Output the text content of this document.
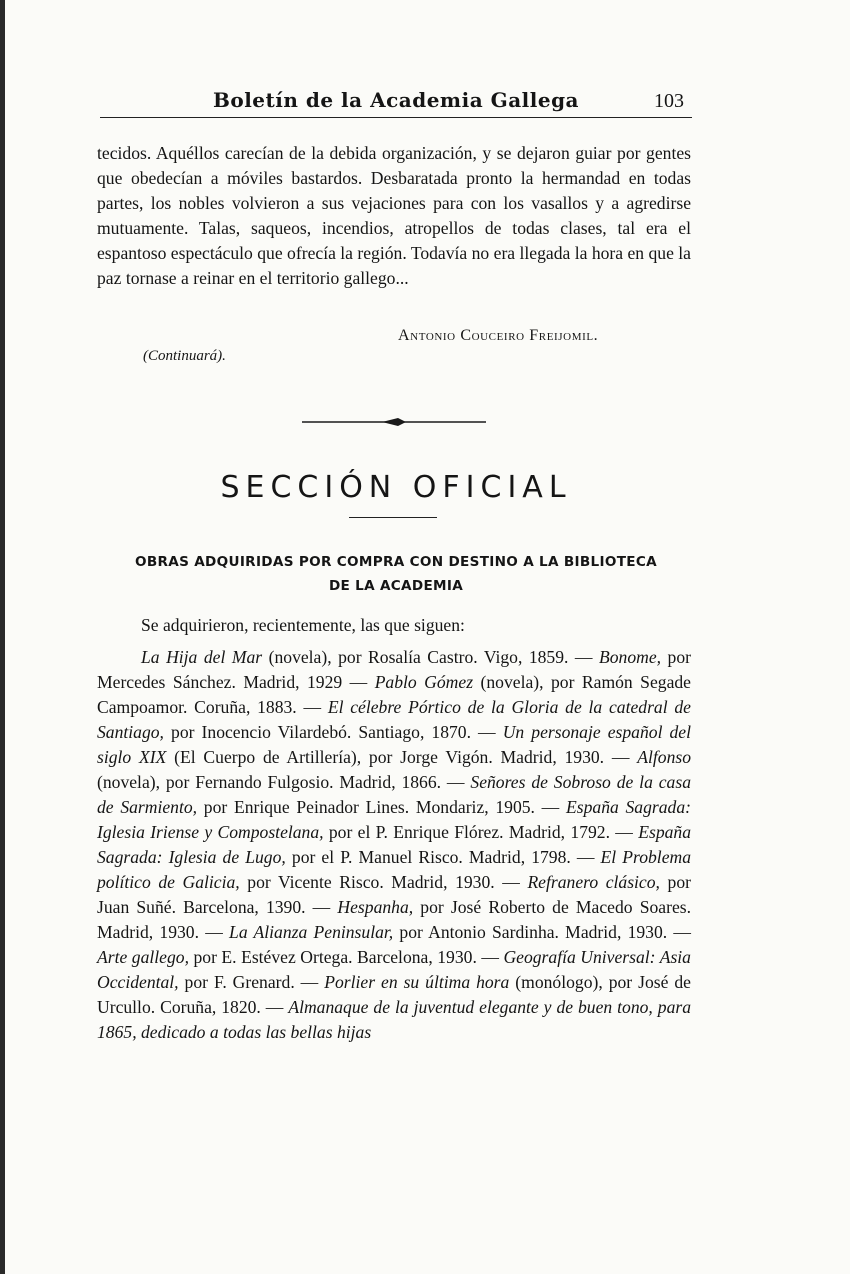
Boletín de la Academia Gallega	103

tecidos. Aquéllos carecían de la debida organización, y se dejaron guiar por gentes que obedecían a móviles bastardos. Desbaratada pronto la hermandad en todas partes, los nobles volvieron a sus vejaciones para con los vasallos y a agredirse mutuamente. Talas, saqueos, incendios, atropellos de todas clases, tal era el espantoso espectáculo que ofrecía la región. Todavía no era llegada la hora en que la paz tornase a reinar en el territorio gallego...

Antonio Couceiro Freijomil.
(Continuará).
SECCIÓN OFICIAL
OBRAS ADQUIRIDAS POR COMPRA CON DESTINO A LA BIBLIOTECA
DE LA ACADEMIA

Se adquirieron, recientemente, las que siguen:

La Hija del Mar (novela), por Rosalía Castro. Vigo, 1859. — Bonome, por Mercedes Sánchez. Madrid, 1929 — Pablo Gómez (novela), por Ramón Segade Campoamor. Coruña, 1883. — El célebre Pórtico de la Gloria de la catedral de Santiago, por Inocencio Vilardebó. Santiago, 1870. — Un personaje español del siglo XIX (El Cuerpo de Artillería), por Jorge Vigón. Madrid, 1930. — Alfonso (novela), por Fernando Fulgosio. Madrid, 1866. — Señores de Sobroso de la casa de Sarmiento, por Enrique Peinador Lines. Mondariz, 1905. — España Sagrada: Iglesia Iriense y Compostelana, por el P. Enrique Flórez. Madrid, 1792. — España Sagrada: Iglesia de Lugo, por el P. Manuel Risco. Madrid, 1798. — El Problema político de Galicia, por Vicente Risco. Madrid, 1930. — Refranero clásico, por Juan Suñé. Barcelona, 1390. — Hespanha, por José Roberto de Macedo Soares. Madrid, 1930. — La Alianza Peninsular, por Antonio Sardinha. Madrid, 1930. — Arte gallego, por E. Estévez Ortega. Barcelona, 1930. — Geografía Universal: Asia Occidental, por F. Grenard. — Porlier en su última hora (monólogo), por José de Urcullo. Coruña, 1820. — Almanaque de la juventud elegante y de buen tono, para 1865, dedicado a todas las bellas hijas
